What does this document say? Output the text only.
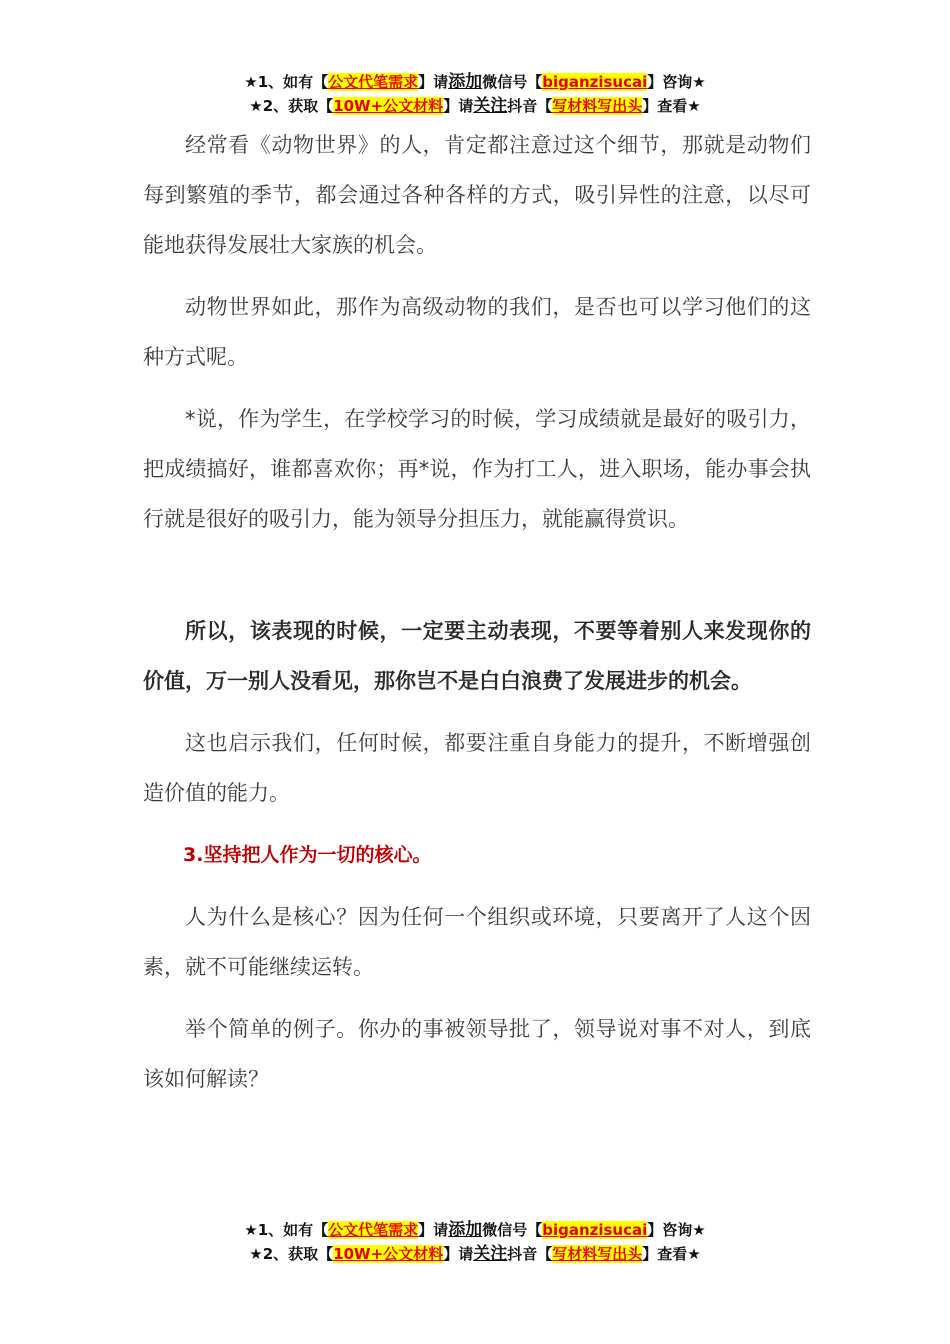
★1、如有【公文代笔需求】请添加微信号【biganzisucai】咨询★
★2、获取【10W+公文材料】请关注抖音【写材料写出头】查看★

经常看《动物世界》的人，肯定都注意过这个细节，那就是动物们每到繁殖的季节，都会通过各种各样的方式，吸引异性的注意，以尽可能地获得发展壮大家族的机会。

动物世界如此，那作为高级动物的我们，是否也可以学习他们的这种方式呢。

*说，作为学生，在学校学习的时候，学习成绩就是最好的吸引力，把成绩搞好，谁都喜欢你；再*说，作为打工人，进入职场，能办事会执行就是很好的吸引力，能为领导分担压力，就能赢得赏识。

所以，该表现的时候，一定要主动表现，不要等着别人来发现你的价值，万一别人没看见，那你岂不是白白浪费了发展进步的机会。

这也启示我们，任何时候，都要注重自身能力的提升，不断增强创造价值的能力。

3.坚持把人作为一切的核心。

人为什么是核心？因为任何一个组织或环境，只要离开了人这个因素，就不可能继续运转。

举个简单的例子。你办的事被领导批了，领导说对事不对人，到底该如何解读？

★1、如有【公文代笔需求】请添加微信号【biganzisucai】咨询★
★2、获取【10W+公文材料】请关注抖音【写材料写出头】查看★
